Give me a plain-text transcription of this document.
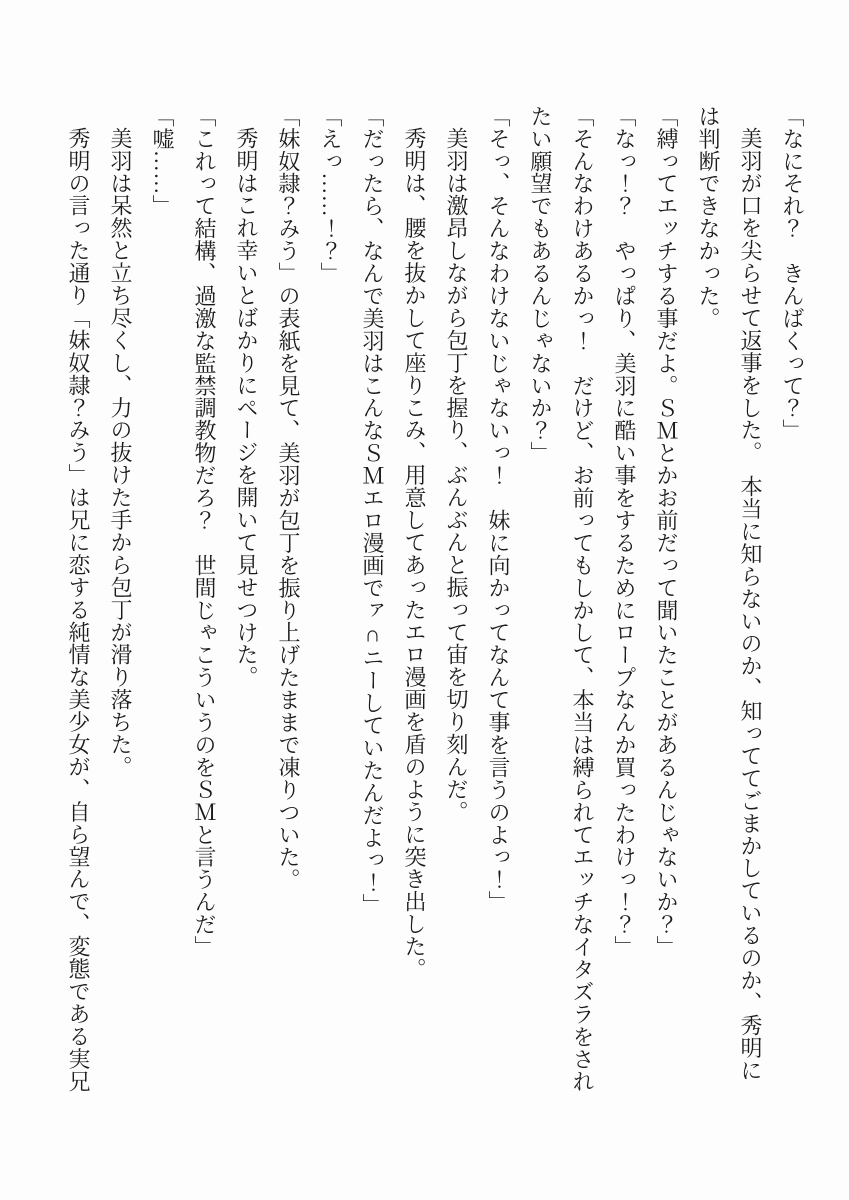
「なにそれ？　きんばくって？」

美羽が口を尖らせて返事をした。　本当に知らないのか、知っててごまかしているのか、秀明には判断できなかった。

「縛ってエッチする事だよ。ＳＭとかお前だって聞いたことがあるんじゃないか？」

「なっ！？　やっぱり、美羽に酷い事をするためにロープなんか買ったわけっ！？」

「そんなわけあるかっ！　だけど、お前ってもしかして、本当は縛られてエッチなイタズラをされたい願望でもあるんじゃないか？」

「そっ、そんなわけないじゃないっ！　妹に向かってなんて事を言うのよっ！」

美羽は激昂しながら包丁を握り、ぶんぶんと振って宙を切り刻んだ。

秀明は、腰を抜かして座りこみ、用意してあったエロ漫画を盾のように突き出した。

「だったら、なんで美羽はこんなＳＭエロ漫画でァ∩ニーしていたんだよっ！」

「えっ……！？」

「妹奴隷？みう」の表紙を見て、美羽が包丁を振り上げたままで凍りついた。

秀明はこれ幸いとばかりにページを開いて見せつけた。

「これって結構、過激な監禁調教物だろ？　世間じゃこういうのをＳＭと言うんだ」

「嘘……」

美羽は呆然と立ち尽くし、力の抜けた手から包丁が滑り落ちた。

秀明の言った通り「妹奴隷？みう」は兄に恋する純情な美少女が、自ら望んで、変態である実兄
